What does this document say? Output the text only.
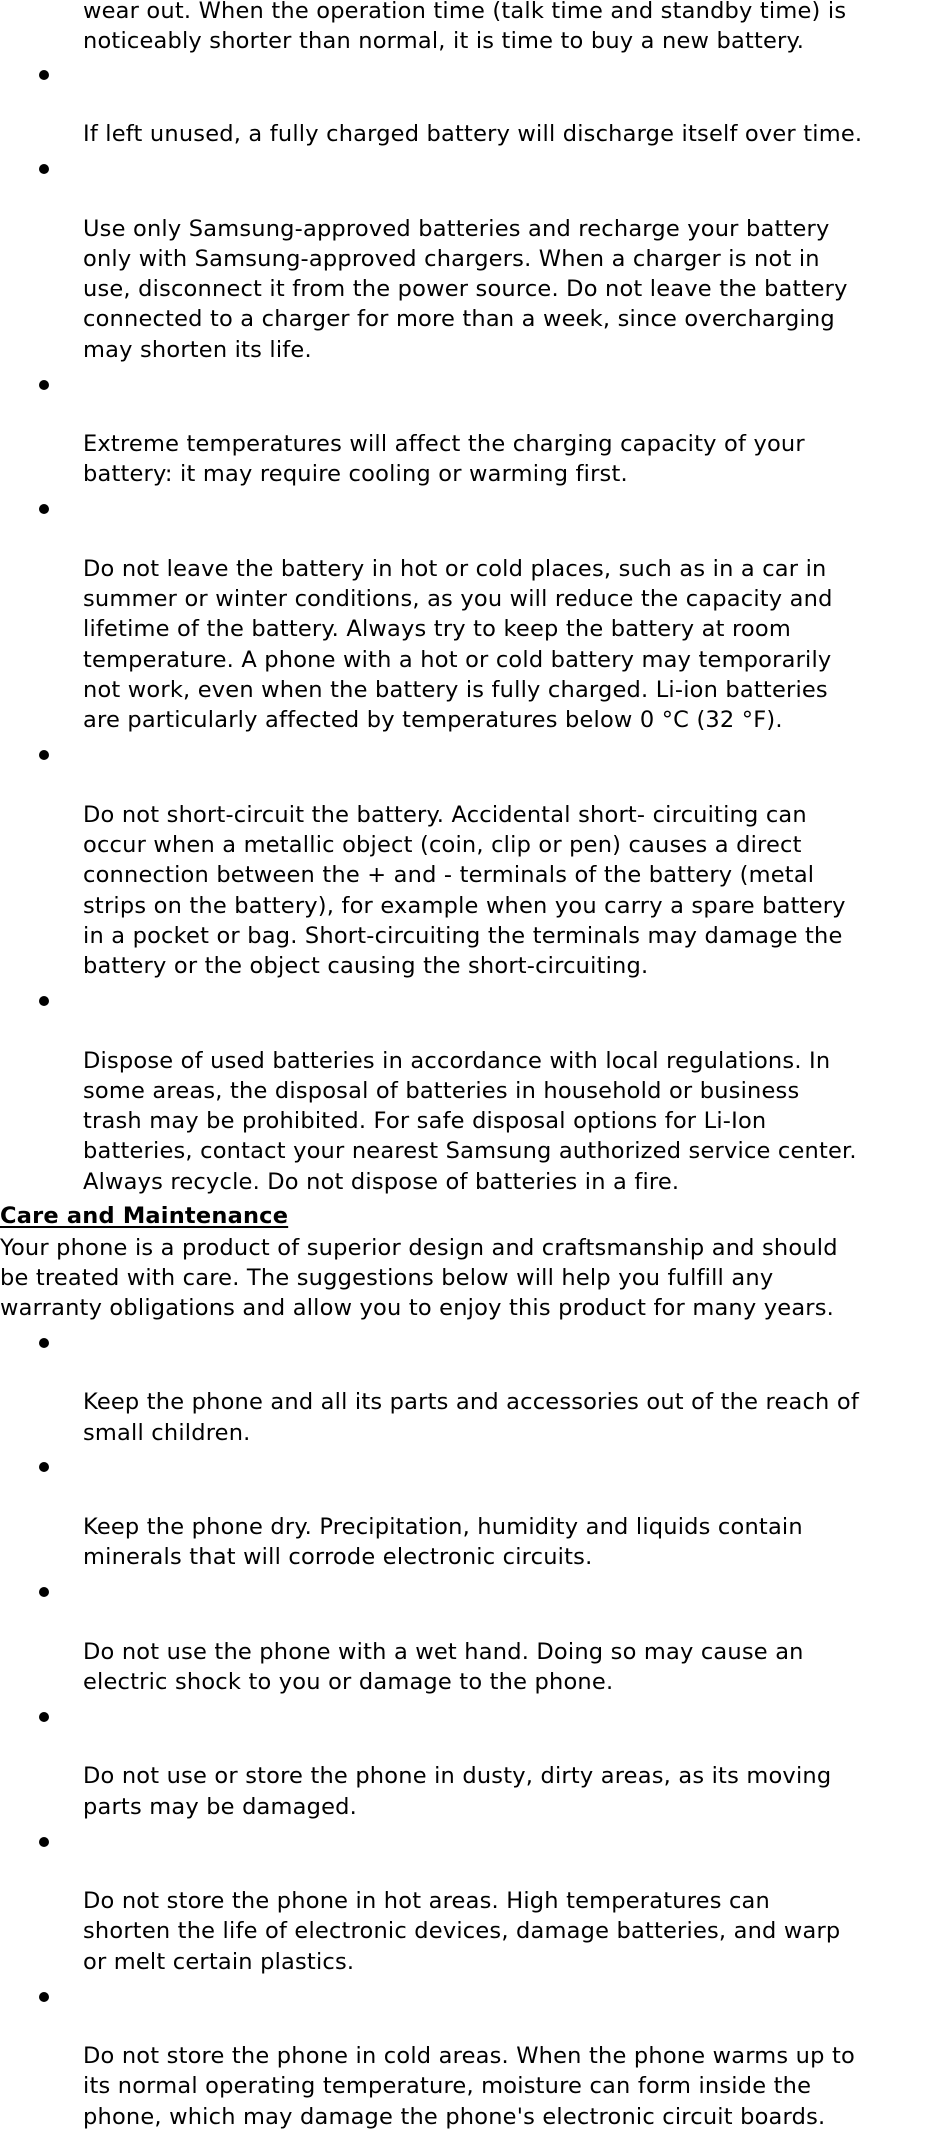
wear out. When the operation time (talk time and standby time) is
noticeably shorter than normal, it is time to buy a new battery.

If left unused, a fully charged battery will discharge itself over time.

Use only Samsung-approved batteries and recharge your battery
only with Samsung-approved chargers. When a charger is not in
use, disconnect it from the power source. Do not leave the battery
connected to a charger for more than a week, since overcharging
may shorten its life.

Extreme temperatures will affect the charging capacity of your
battery: it may require cooling or warming first.

Do not leave the battery in hot or cold places, such as in a car in
summer or winter conditions, as you will reduce the capacity and
lifetime of the battery. Always try to keep the battery at room
temperature. A phone with a hot or cold battery may temporarily
not work, even when the battery is fully charged. Li-ion batteries
are particularly affected by temperatures below 0 °C (32 °F).

Do not short-circuit the battery. Accidental short- circuiting can
occur when a metallic object (coin, clip or pen) causes a direct
connection between the + and - terminals of the battery (metal
strips on the battery), for example when you carry a spare battery
in a pocket or bag. Short-circuiting the terminals may damage the
battery or the object causing the short-circuiting.

Dispose of used batteries in accordance with local regulations. In
some areas, the disposal of batteries in household or business
trash may be prohibited. For safe disposal options for Li-Ion
batteries, contact your nearest Samsung authorized service center.
Always recycle. Do not dispose of batteries in a fire.

Care and Maintenance

Your phone is a product of superior design and craftsmanship and should
be treated with care. The suggestions below will help you fulfill any
warranty obligations and allow you to enjoy this product for many years.

Keep the phone and all its parts and accessories out of the reach of
small children.

Keep the phone dry. Precipitation, humidity and liquids contain
minerals that will corrode electronic circuits.

Do not use the phone with a wet hand. Doing so may cause an
electric shock to you or damage to the phone.

Do not use or store the phone in dusty, dirty areas, as its moving
parts may be damaged.

Do not store the phone in hot areas. High temperatures can
shorten the life of electronic devices, damage batteries, and warp
or melt certain plastics.

Do not store the phone in cold areas. When the phone warms up to
its normal operating temperature, moisture can form inside the
phone, which may damage the phone's electronic circuit boards.
